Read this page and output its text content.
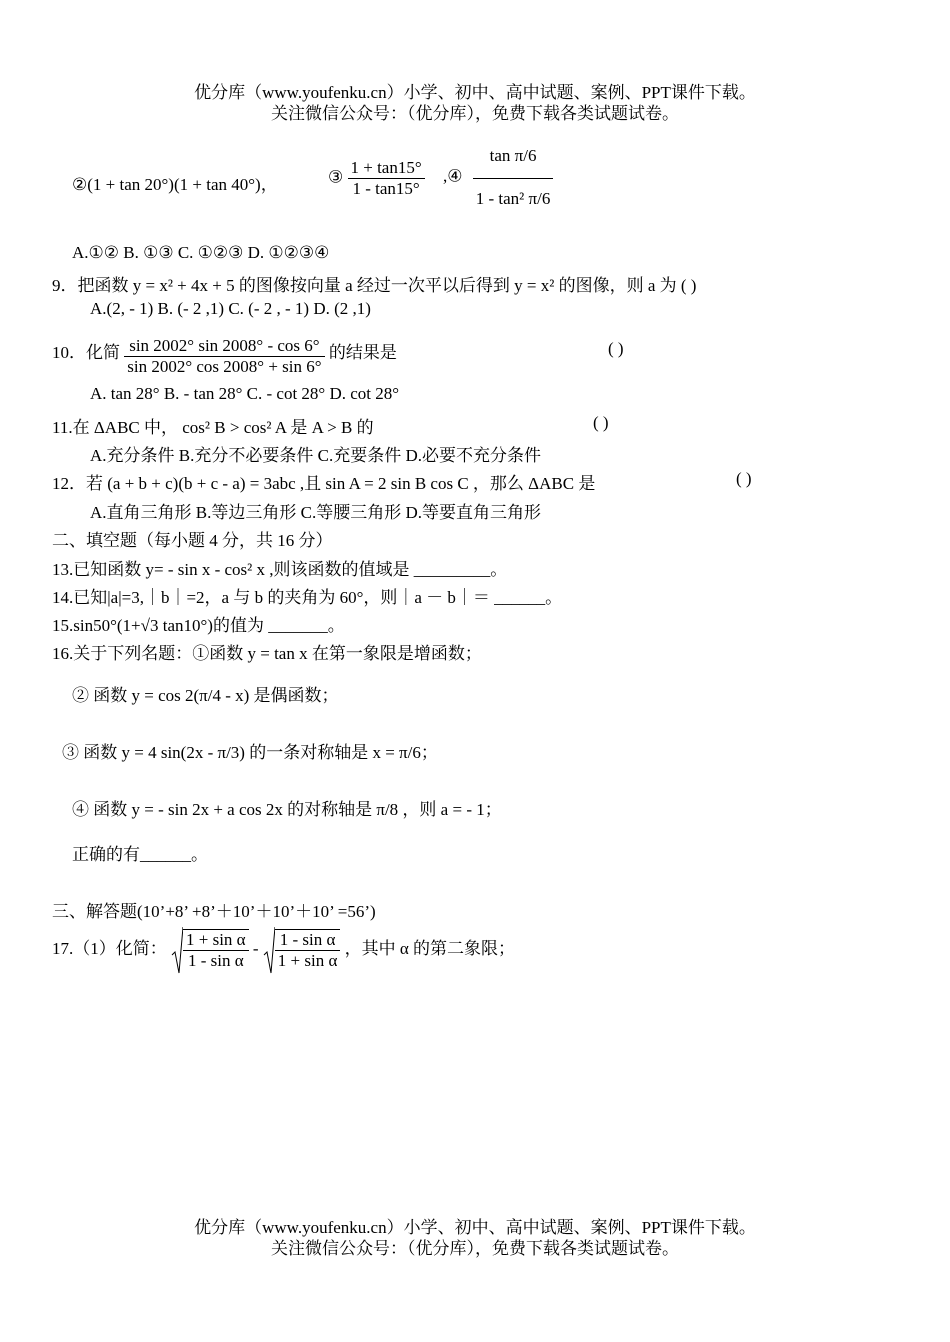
优分库（www.youfenku.cn）小学、初中、高中试题、案例、PPT课件下载。
关注微信公众号：（优分库），免费下载各类试题试卷。
②(1 + tan 20°)(1 + tan 40°)，	③ $\frac{1 + \tan 15^\circ}{1 - \tan 15^\circ}$ ,④ $\frac{\text{tan π/6}}{\text{1 - tan² π/6}}$
A.①② B. ①③ C. ①②③ D. ①②③④
9．把函数 y = x² + 4x + 5 的图像按向量 a 经过一次平以后得到 y = x² 的图像，则 a 为 ( )
A.(2, - 1) B. (- 2 ,1) C. (- 2 , - 1) D. (2 ,1)
10．化简 $\frac{\sin 2002^\circ \sin 2008^\circ - \cos 6^\circ}{\sin 2002^\circ \cos 2008^\circ + \sin 6^\circ}$ 的结果是	( )
A. tan 28° B. - tan 28° C. - cot 28° D. cot 28°
11.在 ΔABC 中， cos² B > cos² A 是 A > B 的	( )
A.充分条件 B.充分不必要条件 C.充要条件 D.必要不充分条件
12．若 (a + b + c)(b + c - a) = 3abc ,且 sin A = 2 sin B cos C ，那么 ΔABC 是	( )
A.直角三角形 B.等边三角形 C.等腰三角形 D.等要直角三角形
二、填空题（每小题 4 分，共 16 分）
13.已知函数 y= - sin x - cos² x ,则该函数的值域是 _________。
14.已知|a|=3,｜b｜=2，a 与 b 的夹角为 60°，则｜a － b｜＝ ______。
15.sin50°(1+√3 tan10°)的值为 _______。
16.关于下列名题：①函数 y = tan x 在第一象限是增函数；
② 函数 y = cos 2(π/4 - x) 是偶函数；
③ 函数 y = 4 sin(2x - π/3) 的一条对称轴是 x = π/6；
④ 函数 y = - sin 2x + a cos 2x 的对称轴是 π/8 ，则 a = - 1；
正确的有______。
三、解答题(10’+8’ +8’＋10’＋10’＋10’ =56’)
17.（1）化简： $\frac{\text{1 + sin α}}{\text{1 - sin α}} - \frac{\text{1 - sin α}}{\text{1 + sin α}}$ ，其中 α 的第二象限；
优分库（www.youfenku.cn）小学、初中、高中试题、案例、PPT课件下载。
关注微信公众号：（优分库），免费下载各类试题试卷。
